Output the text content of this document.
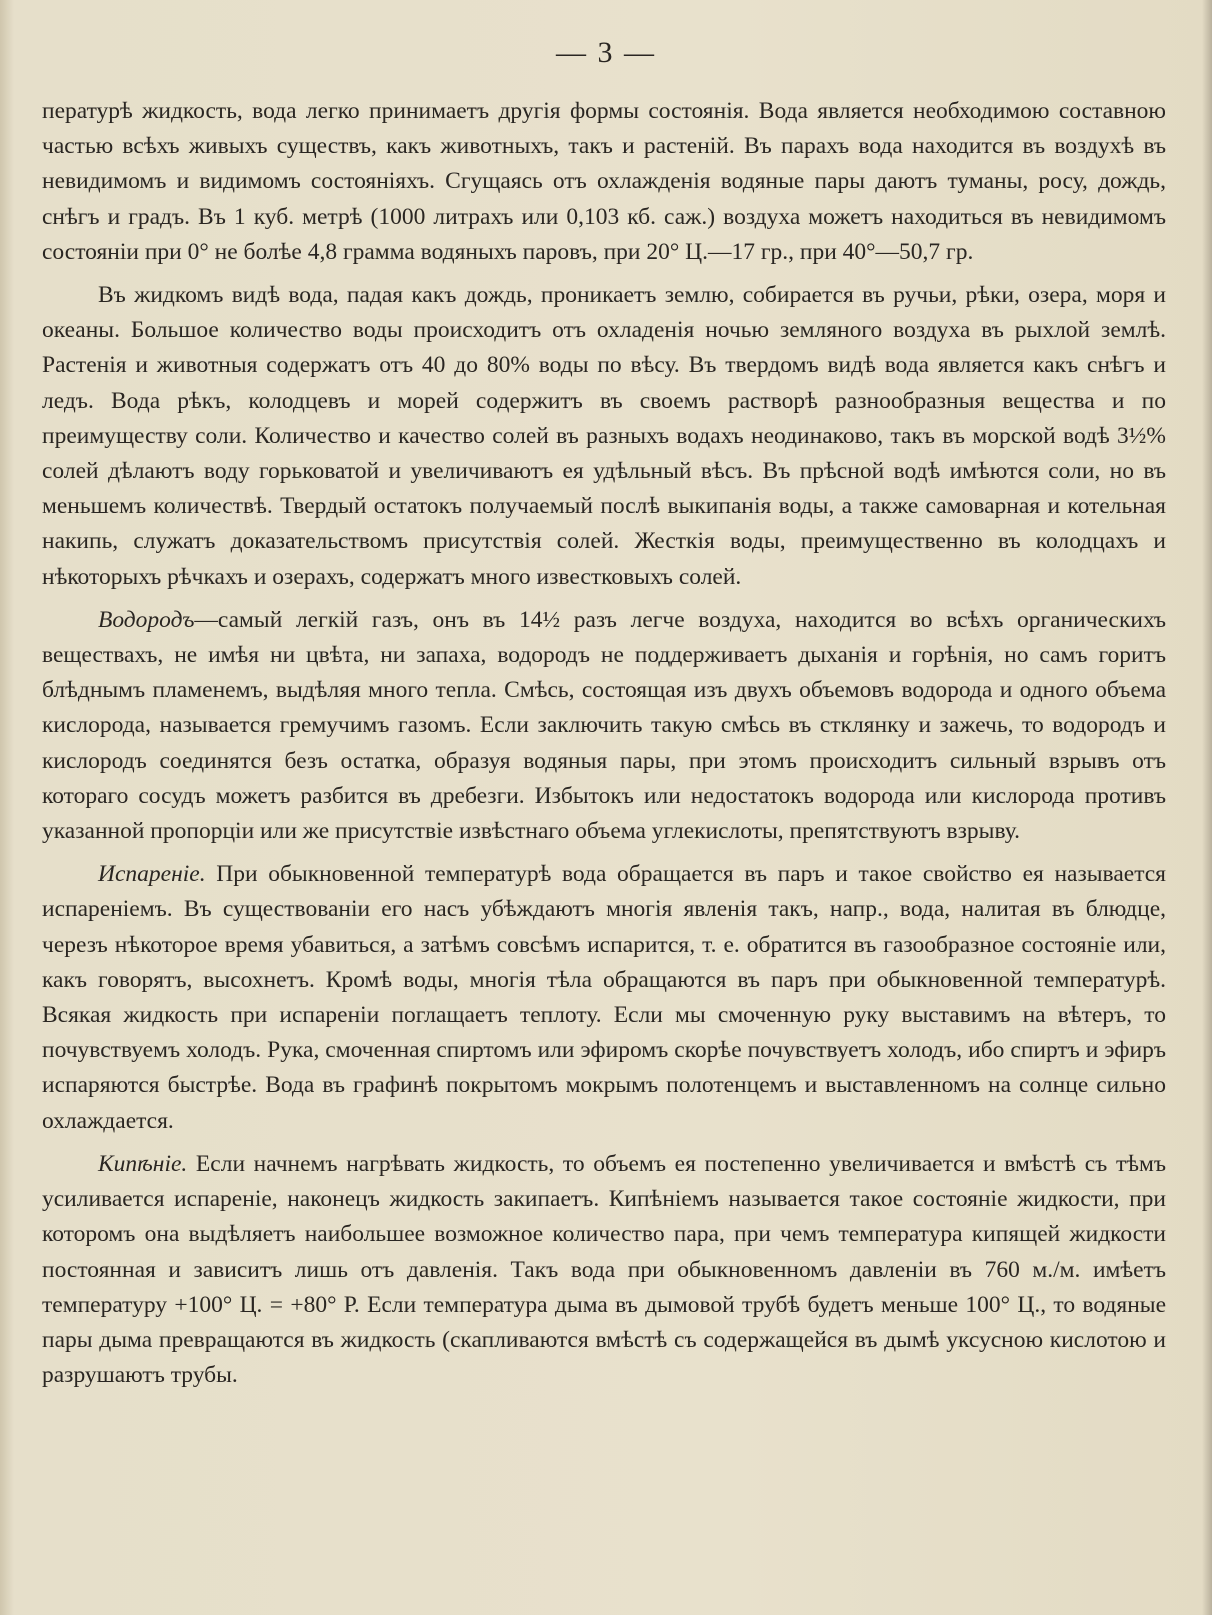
— 3 —

ператур‍ѣ жидкость, вода легко принимаетъ другія формы состоянія. Вода является необходимою составною частью всѣхъ живыхъ существъ, какъ животныхъ, такъ и растеній. Въ парахъ вода находится въ воздухѣ въ невидимомъ и видимомъ состояніяхъ. Сгущаясь отъ охлажденія водяные пары даютъ туманы, росу, дождь, снѣгъ и градъ. Въ 1 куб. метрѣ (1000 литрахъ или 0,103 кб. саж.) воздуха можетъ находиться въ невидимомъ состояніи при 0° не болѣе 4,8 грамма водяныхъ паровъ, при 20° Ц.—17 гр., при 40°—50,7 гр.

Въ жидкомъ видѣ вода, падая какъ дождь, проникаетъ землю, собирается въ ручьи, рѣки, озера, моря и океаны. Большое количество воды происходитъ отъ охладенія ночью земляного воздуха въ рыхлой землѣ. Растенія и животныя содержатъ отъ 40 до 80% воды по вѣсу. Въ твердомъ видѣ вода является какъ снѣгъ и ледъ. Вода рѣкъ, колодцевъ и морей содержитъ въ своемъ растворѣ разнообразныя вещества и по преимуществу соли. Количество и качество солей въ разныхъ водахъ неодинаково, такъ въ морской водѣ 3½% солей дѣлаютъ воду горьковатой и увеличиваютъ ея удѣльный вѣсъ. Въ прѣсной водѣ имѣются соли, но въ меньшемъ количествѣ. Твердый остатокъ получаемый послѣ выкипанія воды, а также самоварная и котельная накипь, служатъ доказательствомъ присутствія солей. Жесткія воды, преимущественно въ колодцахъ и нѣкоторыхъ рѣчкахъ и озерахъ, содержатъ много известковыхъ солей.

Водородъ—самый легкій газъ, онъ въ 14½ разъ легче воздуха, находится во всѣхъ органическихъ веществахъ, не имѣя ни цвѣта, ни запаха, водородъ не поддерживаетъ дыханія и горѣнія, но самъ горитъ блѣднымъ пламенемъ, выдѣляя много тепла. Смѣсь, состоящая изъ двухъ объемовъ водорода и одного объема кислорода, называется гремучимъ газомъ. Если заключить такую смѣсь въ стклянку и зажечь, то водородъ и кислородъ соединятся безъ остатка, образуя водяныя пары, при этомъ происходитъ сильный взрывъ отъ котораго сосудъ можетъ разбится въ дребезги. Избытокъ или недостатокъ водорода или кислорода противъ указанной пропорціи или же присутствіе извѣстнаго объема углекислоты, препятствуютъ взрыву.

Испареніе. При обыкновенной температурѣ вода обращается въ паръ и такое свойство ея называется испареніемъ. Въ существованіи его насъ убѣждаютъ многія явленія такъ, напр., вода, налитая въ блюдце, черезъ нѣкоторое время убавиться, а затѣмъ совсѣмъ испарится, т. е. обратится въ газообразное состояніе или, какъ говорятъ, высохнетъ. Кромѣ воды, многія тѣла обращаются въ паръ при обыкновенной температурѣ. Всякая жидкость при испареніи поглащаетъ теплоту. Если мы смоченную руку выставимъ на вѣтеръ, то почувствуемъ холодъ. Рука, смоченная спиртомъ или эфиромъ скорѣе почувствуетъ холодъ, ибо спиртъ и эфиръ испаряются быстрѣе. Вода въ графинѣ покрытомъ мокрымъ полотенцемъ и выставленномъ на солнце сильно охлаждается.

Кипѣніе. Если начнемъ нагрѣвать жидкость, то объемъ ея постепенно увеличивается и вмѣстѣ съ тѣмъ усиливается испареніе, наконецъ жидкость закипаетъ. Кипѣніемъ называется такое состояніе жидкости, при которомъ она выдѣляетъ наибольшее возможное количество пара, при чемъ температура кипящей жидкости постоянная и зависитъ лишь отъ давленія. Такъ вода при обыкновенномъ давленіи въ 760 м./м. имѣетъ температуру +100° Ц. = +80° Р. Если температура дыма въ дымовой трубѣ будетъ меньше 100° Ц., то водяные пары дыма превращаются въ жидкость (скапливаются вмѣстѣ съ содержащейся въ дымѣ уксусною кислотою и разрушаютъ трубы.
